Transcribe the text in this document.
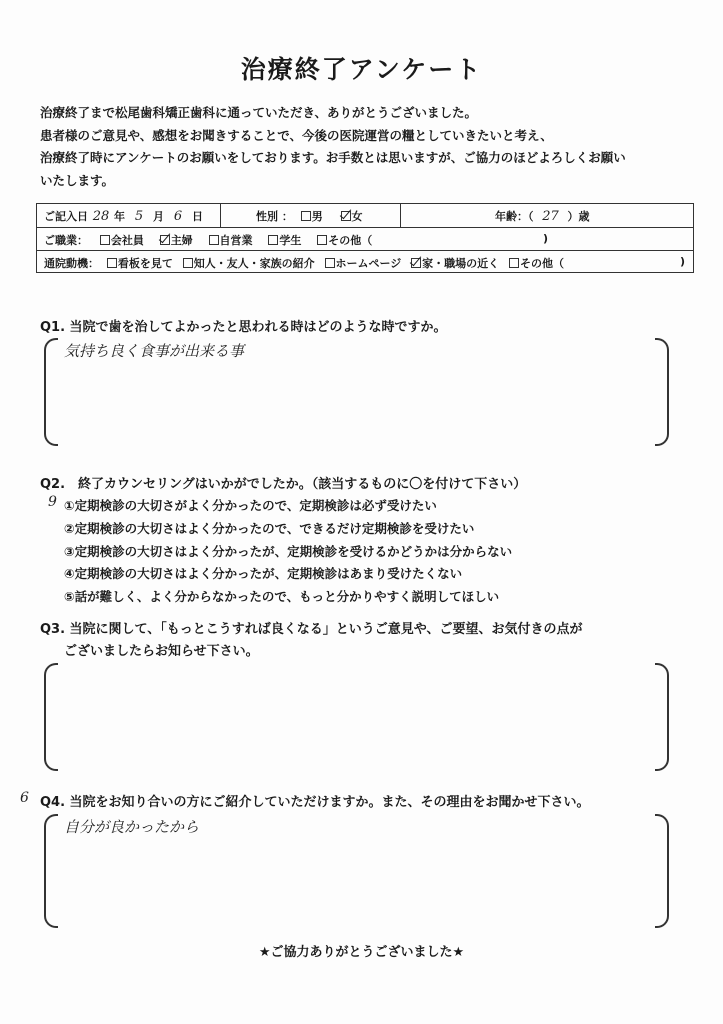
治療終了アンケート
治療終了まで松尾歯科矯正歯科に通っていただき、ありがとうございました。
患者様のご意見や、感想をお聞きすることで、今後の医院運営の糧としていきたいと考え、
治療終了時にアンケートのお願いをしております。お手数とは思いますが、ご協力のほどよろしくお願い
いたします。
ご記入日 28 年 5 月 6 日	性別 ： 男	女	年齢：（ 27 ）歳
ご職業： 会社員 主婦 自営業 学生 その他（	)
通院動機： 看板を見て 知人・友人・家族の紹介 ホームページ 家・職場の近く その他（	)
Q1. 当院で歯を治してよかったと思われる時はどのような時ですか。
気持ち良く食事が出来る事
Q2.　終了カウンセリングはいかがでしたか。（該当するものに〇を付けて下さい）
9 ①定期検診の大切さがよく分かったので、定期検診は必ず受けたい
②定期検診の大切さはよく分かったので、できるだけ定期検診を受けたい
③定期検診の大切さはよく分かったが、定期検診を受けるかどうかは分からない
④定期検診の大切さはよく分かったが、定期検診はあまり受けたくない
⑤話が難しく、よく分からなかったので、もっと分かりやすく説明してほしい
Q3. 当院に関して、「もっとこうすれば良くなる」というご意見や、ご要望、お気付きの点が
ございましたらお知らせ下さい。
6 Q4. 当院をお知り合いの方にご紹介していただけますか。また、その理由をお聞かせ下さい。
自分が良かったから
★ご協力ありがとうございました★
